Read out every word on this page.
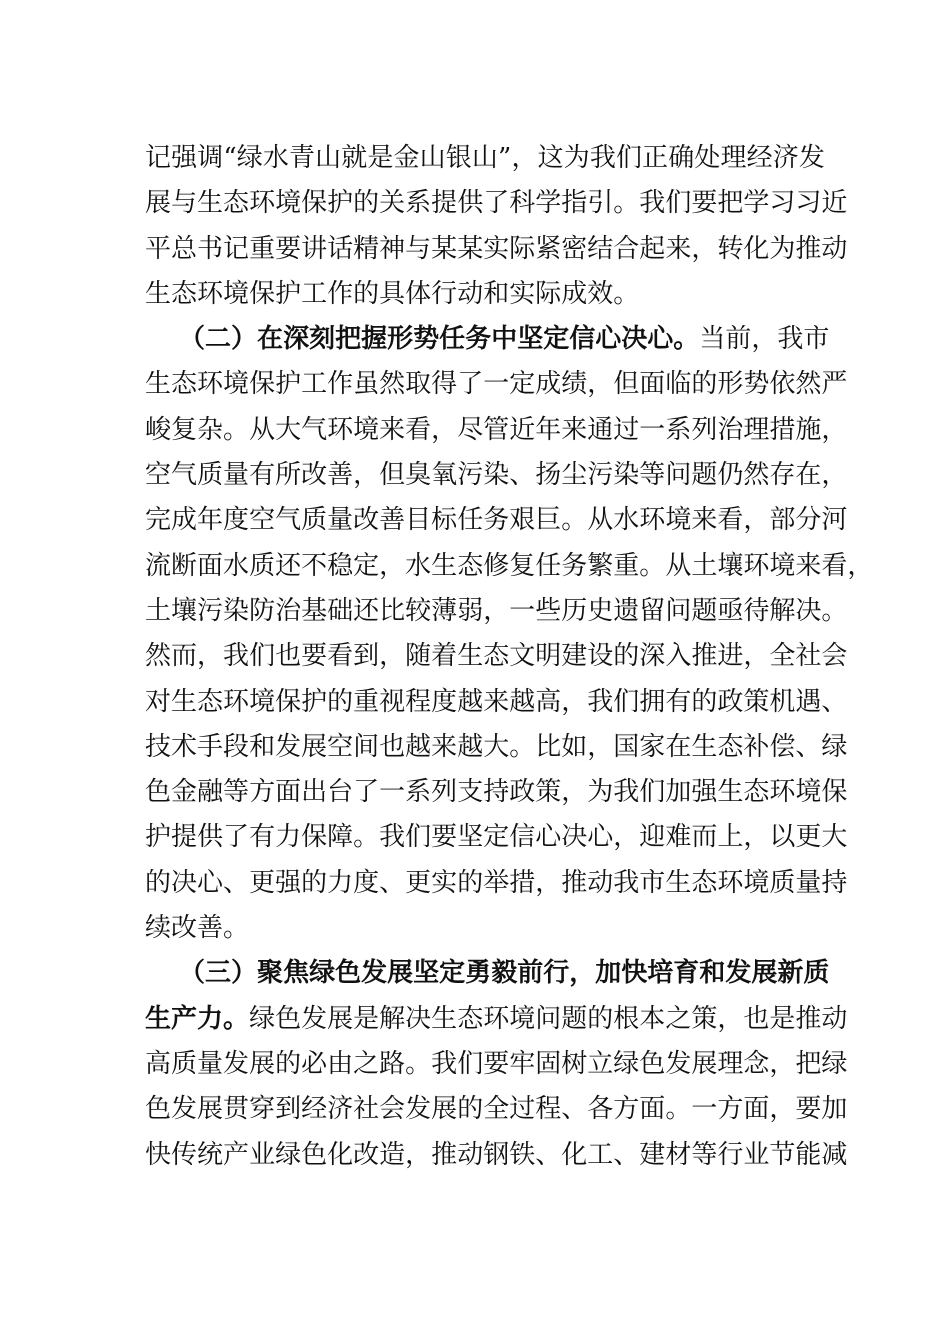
记 强 调 “ 绿 水 青 山 就 是 金 山 银 山 ” ， 这 为 我 们 正 确 处 理 经 济 发
展 与 生 态 环 境 保 护 的 关 系 提 供 了 科 学 指 引 。 我 们 要 把 学 习 习 近
平 总 书 记 重 要 讲 话 精 神 与 某 某 实 际 紧 密 结 合 起 来 ， 转 化 为 推 动
生 态 环 境 保 护 工 作 的 具 体 行 动 和 实 际 成 效 。
（ 二 ） 在 深 刻 把 握 形 势 任 务 中 坚 定 信 心 决 心 。 当 前 ， 我 市
生 态 环 境 保 护 工 作 虽 然 取 得 了 一 定 成 绩 ， 但 面 临 的 形 势 依 然 严
峻 复 杂 。 从 大 气 环 境 来 看 ， 尽 管 近 年 来 通 过 一 系 列 治 理 措 施 ，
空 气 质 量 有 所 改 善 ， 但 臭 氧 污 染 、 扬 尘 污 染 等 问 题 仍 然 存 在 ，
完 成 年 度 空 气 质 量 改 善 目 标 任 务 艰 巨 。 从 水 环 境 来 看 ， 部 分 河
流 断 面 水 质 还 不 稳 定 ， 水 生 态 修 复 任 务 繁 重 。 从 土 壤 环 境 来 看 ，
土 壤 污 染 防 治 基 础 还 比 较 薄 弱 ， 一 些 历 史 遗 留 问 题 亟 待 解 决 。
然 而 ， 我 们 也 要 看 到 ， 随 着 生 态 文 明 建 设 的 深 入 推 进 ， 全 社 会
对 生 态 环 境 保 护 的 重 视 程 度 越 来 越 高 ， 我 们 拥 有 的 政 策 机 遇 、
技 术 手 段 和 发 展 空 间 也 越 来 越 大 。 比 如 ， 国 家 在 生 态 补 偿 、 绿
色 金 融 等 方 面 出 台 了 一 系 列 支 持 政 策 ， 为 我 们 加 强 生 态 环 境 保
护 提 供 了 有 力 保 障 。 我 们 要 坚 定 信 心 决 心 ， 迎 难 而 上 ， 以 更 大
的 决 心 、 更 强 的 力 度 、 更 实 的 举 措 ， 推 动 我 市 生 态 环 境 质 量 持
续 改 善 。
（ 三 ） 聚 焦 绿 色 发 展 坚 定 勇 毅 前 行 ， 加 快 培 育 和 发 展 新 质
生 产 力 。 绿 色 发 展 是 解 决 生 态 环 境 问 题 的 根 本 之 策 ， 也 是 推 动
高 质 量 发 展 的 必 由 之 路 。 我 们 要 牢 固 树 立 绿 色 发 展 理 念 ， 把 绿
色 发 展 贯 穿 到 经 济 社 会 发 展 的 全 过 程 、 各 方 面 。 一 方 面 ， 要 加
快 传 统 产 业 绿 色 化 改 造 ， 推 动 钢 铁 、 化 工 、 建 材 等 行 业 节 能 减
